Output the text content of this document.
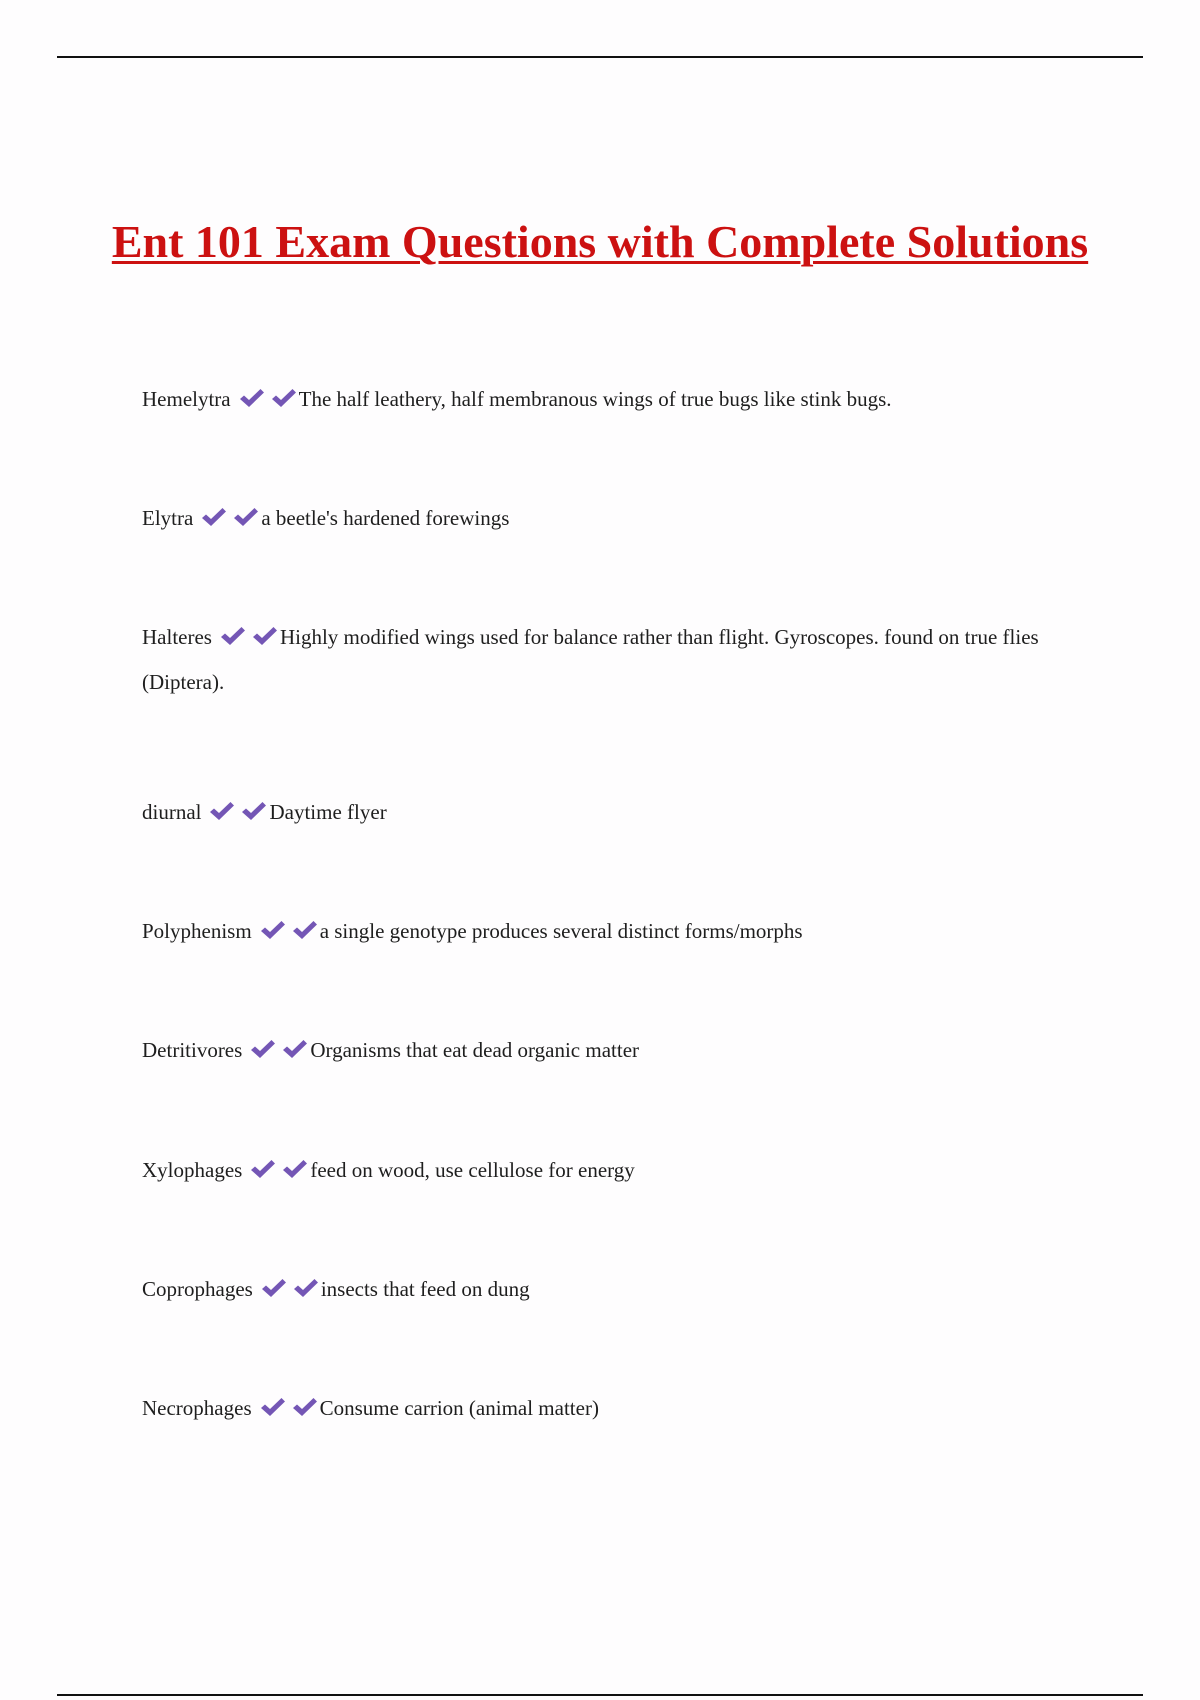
Ent 101 Exam Questions with Complete Solutions

Hemelytra	The half leathery, half membranous wings of true bugs like stink bugs.

Elytra	a beetle's hardened forewings

Halteres	Highly modified wings used for balance rather than flight. Gyroscopes. found on true flies (Diptera).

diurnal	Daytime flyer

Polyphenism	a single genotype produces several distinct forms/morphs

Detritivores	Organisms that eat dead organic matter

Xylophages	feed on wood, use cellulose for energy

Coprophages	insects that feed on dung

Necrophages	Consume carrion (animal matter)
